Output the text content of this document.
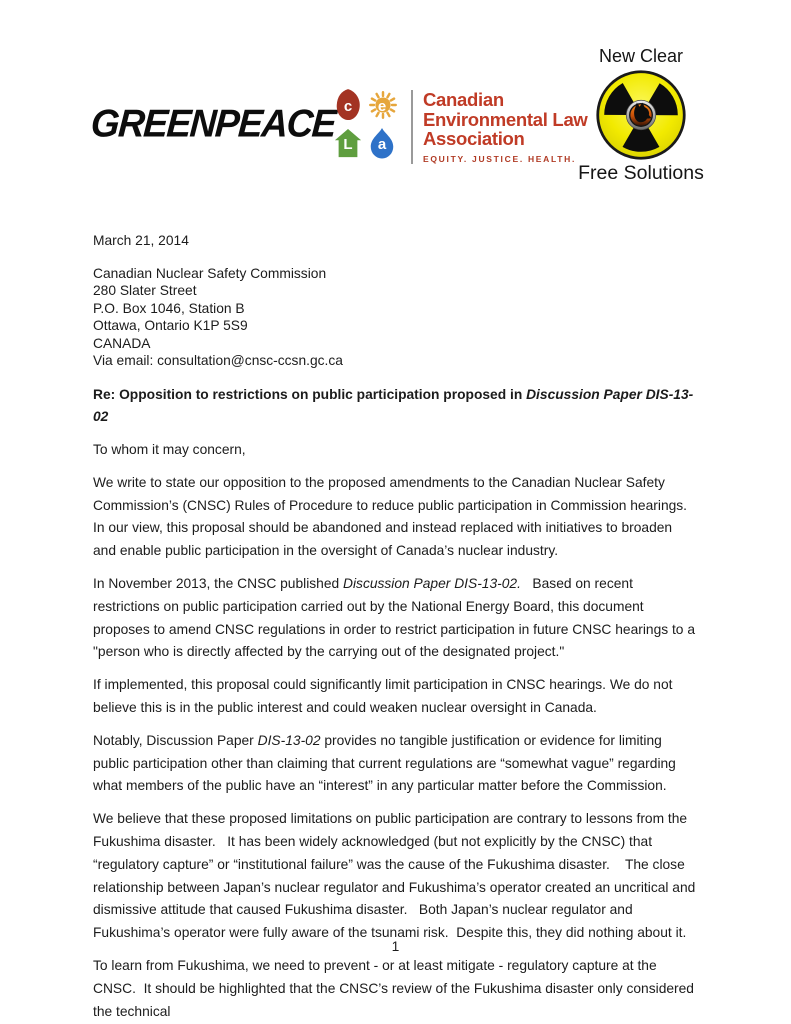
GREENPEACE c	e
L	a
Canadian
Environmental Law
Association
EQUITY. JUSTICE. HEALTH.
New Clear
Free Solutions
March 21, 2014
Canadian Nuclear Safety Commission
280 Slater Street
P.O. Box 1046, Station B
Ottawa, Ontario K1P 5S9
CANADA
Via email: consultation@cnsc-ccsn.gc.ca

Re: Opposition to restrictions on public participation proposed in Discussion Paper DIS-13-02

To whom it may concern,

We write to state our opposition to the proposed amendments to the Canadian Nuclear Safety Commission’s (CNSC) Rules of Procedure to reduce public participation in Commission hearings.    In our view, this proposal should be abandoned and instead replaced with initiatives to broaden and enable public participation in the oversight of Canada’s nuclear industry.

In November 2013, the CNSC published Discussion Paper DIS-13-02.   Based on recent restrictions on public participation carried out by the National Energy Board, this document proposes to amend CNSC regulations in order to restrict participation in future CNSC hearings to a "person who is directly affected by the carrying out of the designated project."

If implemented, this proposal could significantly limit participation in CNSC hearings. We do not believe this is in the public interest and could weaken nuclear oversight in Canada.

Notably, Discussion Paper DIS-13-02 provides no tangible justification or evidence for limiting public participation other than claiming that current regulations are “somewhat vague” regarding what members of the public have an “interest” in any particular matter before the Commission.

We believe that these proposed limitations on public participation are contrary to lessons from the Fukushima disaster.   It has been widely acknowledged (but not explicitly by the CNSC) that “regulatory capture” or “institutional failure” was the cause of the Fukushima disaster.    The close relationship between Japan’s nuclear regulator and Fukushima’s operator created an uncritical and dismissive attitude that caused Fukushima disaster.   Both Japan’s nuclear regulator and Fukushima’s operator were fully aware of the tsunami risk.  Despite this, they did nothing about it.

To learn from Fukushima, we need to prevent - or at least mitigate - regulatory capture at the CNSC.  It should be highlighted that the CNSC’s review of the Fukushima disaster only considered the technical

1
